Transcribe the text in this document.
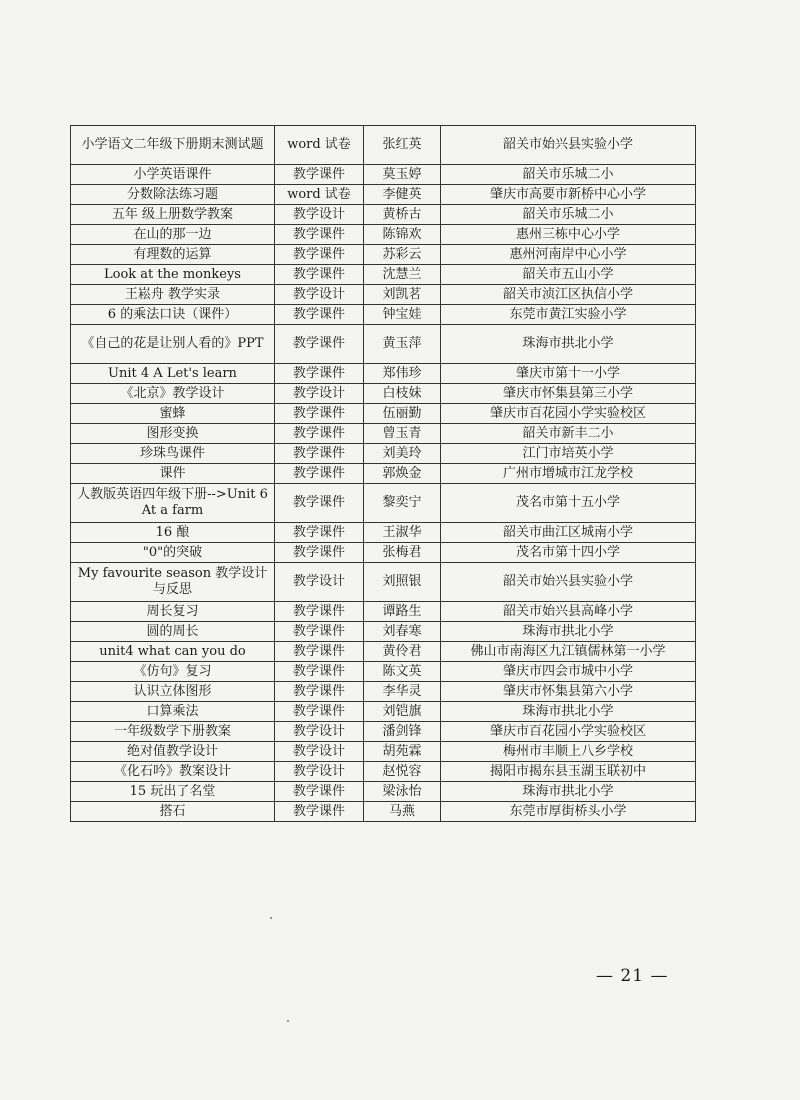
小学语文二年级下册期末测试题	word 试卷	张红英	韶关市始兴县实验小学
小学英语课件	教学课件	莫玉婷	韶关市乐城二小
分数除法练习题	word 试卷	李健英	肇庆市高要市新桥中心小学
五年 级上册数学教案	教学设计	黄桥古	韶关市乐城二小
在山的那一边	教学课件	陈锦欢	惠州三栋中心小学
有理数的运算	教学课件	苏彩云	惠州河南岸中心小学
Look at the monkeys	教学课件	沈慧兰	韶关市五山小学
王崧舟 教学实录	教学设计	刘凯茗	韶关市浈江区执信小学
6 的乘法口诀（课件）	教学课件	钟宝娃	东莞市黄江实验小学
《自己的花是让别人看的》PPT	教学课件	黄玉萍	珠海市拱北小学
Unit 4 A Let's learn	教学课件	郑伟珍	肇庆市第十一小学
《北京》教学设计	教学设计	白枝妹	肇庆市怀集县第三小学
蜜蜂	教学课件	伍丽勤	肇庆市百花园小学实验校区
图形变换	教学课件	曾玉青	韶关市新丰二小
珍珠鸟课件	教学课件	刘美玲	江门市培英小学
课件	教学课件	郭焕金	广州市增城市江龙学校
人教版英语四年级下册-->Unit 6 At a farm	教学课件	黎奕宁	茂名市第十五小学
16 酿	教学课件	王淑华	韶关市曲江区城南小学
"0"的突破	教学课件	张梅君	茂名市第十四小学
My favourite season 教学设计与反思	教学设计	刘照银	韶关市始兴县实验小学
周长复习	教学课件	谭路生	韶关市始兴县高峰小学
圆的周长	教学课件	刘春寒	珠海市拱北小学
unit4 what can you do	教学课件	黄伶君	佛山市南海区九江镇儒林第一小学
《仿句》复习	教学课件	陈文英	肇庆市四会市城中小学
认识立体图形	教学课件	李华灵	肇庆市怀集县第六小学
口算乘法	教学课件	刘铠旗	珠海市拱北小学
一年级数学下册教案	教学设计	潘剑锋	肇庆市百花园小学实验校区
绝对值教学设计	教学设计	胡苑霖	梅州市丰顺上八乡学校
《化石吟》教案设计	教学设计	赵悦容	揭阳市揭东县玉湖玉联初中
15 玩出了名堂	教学课件	梁泳怡	珠海市拱北小学
搭石	教学课件	马燕	东莞市厚街桥头小学
— 21 —
